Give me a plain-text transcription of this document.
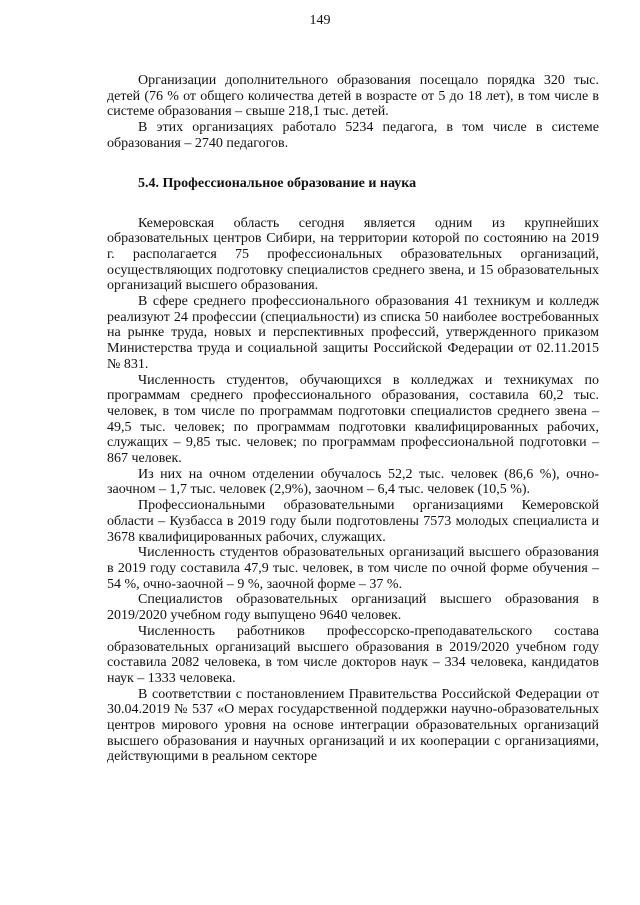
149

Организации дополнительного образования посещало порядка 320 тыс. детей (76 % от общего количества детей в возрасте от 5 до 18 лет), в том числе в системе образования – свыше 218,1 тыс. детей.

В этих организациях работало 5234 педагога, в том числе в системе образования – 2740 педагогов.

5.4. Профессиональное образование и наука

Кемеровская область сегодня является одним из крупнейших образовательных центров Сибири, на территории которой по состоянию на 2019 г. располагается 75 профессиональных образовательных организаций, осуществляющих подготовку специалистов среднего звена, и 15 образовательных организаций высшего образования.

В сфере среднего профессионального образования 41 техникум и колледж реализуют 24 профессии (специальности) из списка 50 наиболее востребованных на рынке труда, новых и перспективных профессий, утвержденного приказом Министерства труда и социальной защиты Российской Федерации от 02.11.2015 № 831.

Численность студентов, обучающихся в колледжах и техникумах по программам среднего профессионального образования, составила 60,2 тыс. человек, в том числе по программам подготовки специалистов среднего звена – 49,5 тыс. человек; по программам подготовки квалифицированных рабочих, служащих – 9,85 тыс. человек; по программам профессиональной подготовки – 867 человек.

Из них на очном отделении обучалось 52,2 тыс. человек (86,6 %), очно-заочном – 1,7 тыс. человек (2,9%), заочном – 6,4 тыс. человек (10,5 %).

Профессиональными образовательными организациями Кемеровской области – Кузбасса в 2019 году были подготовлены 7573 молодых специалиста и 3678 квалифицированных рабочих, служащих.

Численность студентов образовательных организаций высшего образования в 2019 году составила 47,9 тыс. человек, в том числе по очной форме обучения – 54 %, очно-заочной – 9 %, заочной форме – 37 %.

Специалистов образовательных организаций высшего образования в 2019/2020 учебном году выпущено 9640 человек.

Численность работников профессорско-преподавательского состава образовательных организаций высшего образования в 2019/2020 учебном году составила 2082 человека, в том числе докторов наук – 334 человека, кандидатов наук – 1333 человека.

В соответствии с постановлением Правительства Российской Федерации от 30.04.2019 № 537 «О мерах государственной поддержки научно-образовательных центров мирового уровня на основе интеграции образовательных организаций высшего образования и научных организаций и их кооперации с организациями, действующими в реальном секторе
